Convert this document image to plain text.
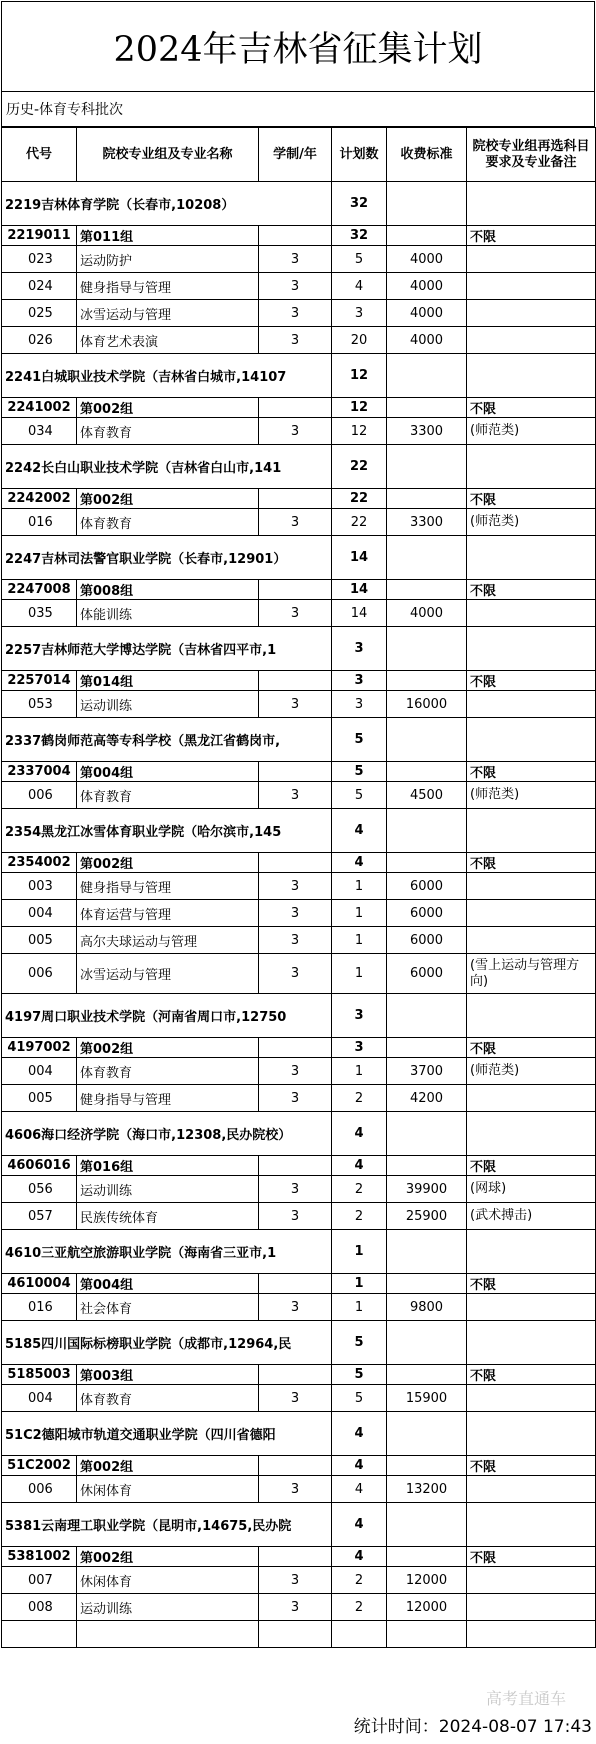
2024年吉林省征集计划
历史-体育专科批次
代号	院校专业组及专业名称	学制/年	计划数	收费标准	院校专业组再选科目要求及专业备注
2219吉林体育学院（长春市,10208）			32		
2219011	第011组		32		不限
023	运动防护	3	5	4000	
024	健身指导与管理	3	4	4000	
025	冰雪运动与管理	3	3	4000	
026	体育艺术表演	3	20	4000	
2241白城职业技术学院（吉林省白城市,14107			12		
2241002	第002组		12		不限
034	体育教育	3	12	3300	(师范类)
2242长白山职业技术学院（吉林省白山市,141			22		
2242002	第002组		22		不限
016	体育教育	3	22	3300	(师范类)
2247吉林司法警官职业学院（长春市,12901）			14		
2247008	第008组		14		不限
035	体能训练	3	14	4000	
2257吉林师范大学博达学院（吉林省四平市,1			3		
2257014	第014组		3		不限
053	运动训练	3	3	16000	
2337鹤岗师范高等专科学校（黑龙江省鹤岗市,			5		
2337004	第004组		5		不限
006	体育教育	3	5	4500	(师范类)
2354黑龙江冰雪体育职业学院（哈尔滨市,145			4		
2354002	第002组		4		不限
003	健身指导与管理	3	1	6000	
004	体育运营与管理	3	1	6000	
005	高尔夫球运动与管理	3	1	6000	
006	冰雪运动与管理	3	1	6000	(雪上运动与管理方向)
4197周口职业技术学院（河南省周口市,12750			3		
4197002	第002组		3		不限
004	体育教育	3	1	3700	(师范类)
005	健身指导与管理	3	2	4200	
4606海口经济学院（海口市,12308,民办院校）			4		
4606016	第016组		4		不限
056	运动训练	3	2	39900	(网球)
057	民族传统体育	3	2	25900	(武术搏击)
4610三亚航空旅游职业学院（海南省三亚市,1			1		
4610004	第004组		1		不限
016	社会体育	3	1	9800	
5185四川国际标榜职业学院（成都市,12964,民			5		
5185003	第003组		5		不限
004	体育教育	3	5	15900	
51C2德阳城市轨道交通职业学院（四川省德阳			4		
51C2002	第002组		4		不限
006	休闲体育	3	4	13200	
5381云南理工职业学院（昆明市,14675,民办院			4		
5381002	第002组		4		不限
007	休闲体育	3	2	12000	
008	运动训练	3	2	12000	

高考直通车
统计时间：2024-08-07 17:43
